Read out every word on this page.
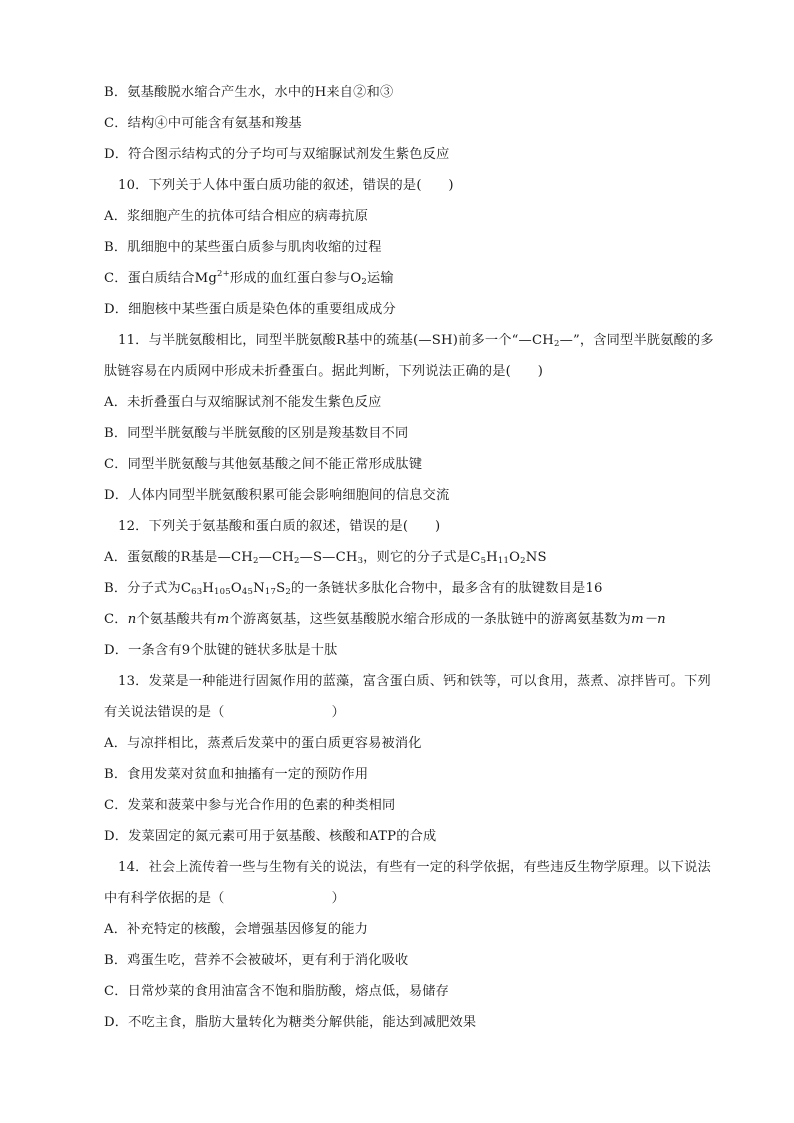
B．氨基酸脱水缩合产生水，水中的H来自②和③
C．结构④中可能含有氨基和羧基
D．符合图示结构式的分子均可与双缩脲试剂发生紫色反应
10．下列关于人体中蛋白质功能的叙述，错误的是(　　)
A．浆细胞产生的抗体可结合相应的病毒抗原
B．肌细胞中的某些蛋白质参与肌肉收缩的过程
C．蛋白质结合$Mg^{2+}$形成的血红蛋白参与$O_2$运输
D．细胞核中某些蛋白质是染色体的重要组成成分
11．与半胱氨酸相比，同型半胱氨酸R基中的巯基(—SH)前多一个“$—CH_2—$”，含同型半胱氨酸的多
肽链容易在内质网中形成未折叠蛋白。据此判断，下列说法正确的是(　　)
A．未折叠蛋白与双缩脲试剂不能发生紫色反应
B．同型半胱氨酸与半胱氨酸的区别是羧基数目不同
C．同型半胱氨酸与其他氨基酸之间不能正常形成肽键
D．人体内同型半胱氨酸积累可能会影响细胞间的信息交流
12．下列关于氨基酸和蛋白质的叙述，错误的是(　　)
A．蛋氨酸的R基是$—CH_2—CH_2—S—CH_3$，则它的分子式是$C_5H_{11}O_2NS$
B．分子式为$C_{63}H_{105}O_{45}N_{17}S_2$的一条链状多肽化合物中，最多含有的肽键数目是16
C．n个氨基酸共有m个游离氨基，这些氨基酸脱水缩合形成的一条肽链中的游离氨基数为m－n
D．一条含有9个肽键的链状多肽是十肽
13．发菜是一种能进行固氮作用的蓝藻，富含蛋白质、钙和铁等，可以食用，蒸煮、凉拌皆可。下列
有关说法错误的是（　　　　　　　　）
A．与凉拌相比，蒸煮后发菜中的蛋白质更容易被消化
B．食用发菜对贫血和抽搐有一定的预防作用
C．发菜和菠菜中参与光合作用的色素的种类相同
D．发菜固定的氮元素可用于氨基酸、核酸和ATP的合成
14．社会上流传着一些与生物有关的说法，有些有一定的科学依据，有些违反生物学原理。以下说法
中有科学依据的是（　　　　　　　　）
A．补充特定的核酸，会增强基因修复的能力
B．鸡蛋生吃，营养不会被破坏，更有利于消化吸收
C．日常炒菜的食用油富含不饱和脂肪酸，熔点低，易储存
D．不吃主食，脂肪大量转化为糖类分解供能，能达到减肥效果
